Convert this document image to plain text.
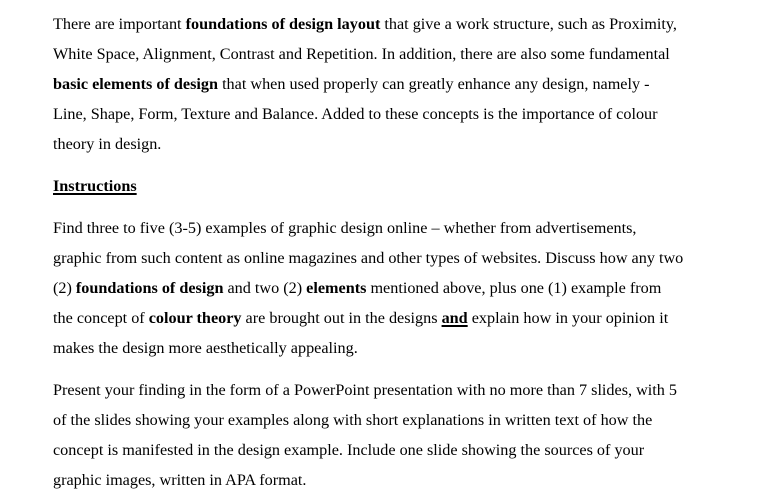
There are important foundations of design layout that give a work structure, such as Proximity,
White Space, Alignment, Contrast and Repetition. In addition, there are also some fundamental
basic elements of design that when used properly can greatly enhance any design, namely -
Line, Shape, Form, Texture and Balance. Added to these concepts is the importance of colour
theory in design.

Instructions

Find three to five (3-5) examples of graphic design online – whether from advertisements,
graphic from such content as online magazines and other types of websites. Discuss how any two
(2) foundations of design and two (2) elements mentioned above, plus one (1) example from
the concept of colour theory are brought out in the designs and explain how in your opinion it
makes the design more aesthetically appealing.

Present your finding in the form of a PowerPoint presentation with no more than 7 slides, with 5
of the slides showing your examples along with short explanations in written text of how the
concept is manifested in the design example. Include one slide showing the sources of your
graphic images, written in APA format.
